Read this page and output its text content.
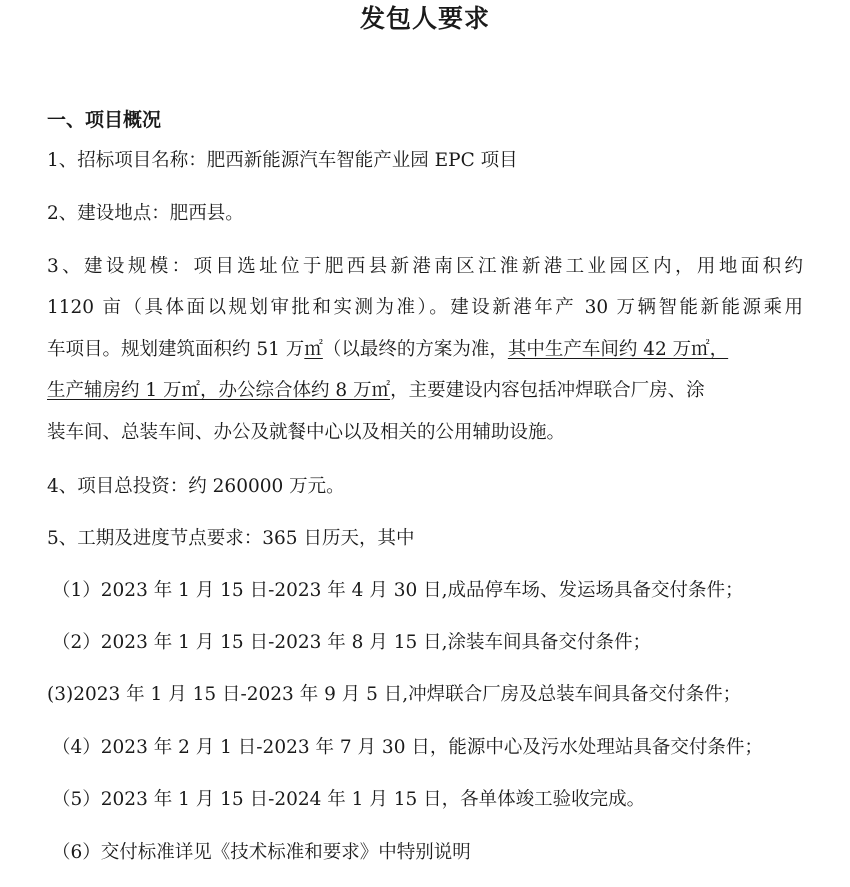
发包人要求
一、项目概况
1、招标项目名称：肥西新能源汽车智能产业园 EPC 项目
2、建设地点：肥西县。
3、建设规模：项目选址位于肥西县新港南区江淮新港工业园区内，用地面积约
1120 亩（具体面以规划审批和实测为准）。建设新港年产 30 万辆智能新能源乘用
车项目。规划建筑面积约 51 万㎡（以最终的方案为准，其中生产车间约 42 万㎡，
生产辅房约 1 万㎡，办公综合体约 8 万㎡，主要建设内容包括冲焊联合厂房、涂
装车间、总装车间、办公及就餐中心以及相关的公用辅助设施。
4、项目总投资：约 260000 万元。
5、工期及进度节点要求：365 日历天，其中
（1）2023 年 1 月 15 日-2023 年 4 月 30 日,成品停车场、发运场具备交付条件；
（2）2023 年 1 月 15 日-2023 年 8 月 15 日,涂装车间具备交付条件；
(3)2023 年 1 月 15 日-2023 年 9 月 5 日,冲焊联合厂房及总装车间具备交付条件；
（4）2023 年 2 月 1 日-2023 年 7 月 30 日，能源中心及污水处理站具备交付条件；
（5）2023 年 1 月 15 日-2024 年 1 月 15 日，各单体竣工验收完成。
（6）交付标准详见《技术标准和要求》中特别说明
